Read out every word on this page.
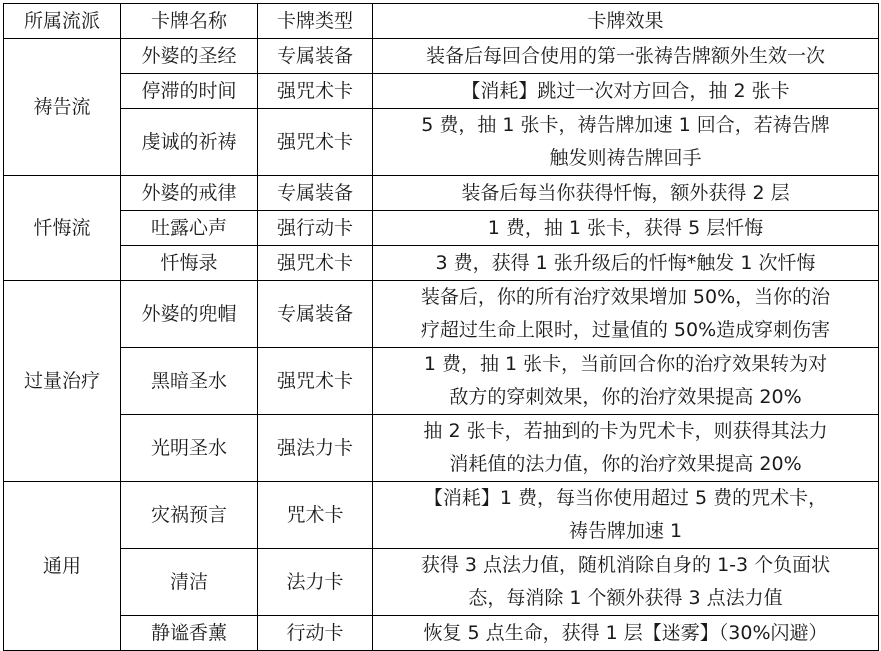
所属流派	卡牌名称	卡牌类型	卡牌效果
祷告流	外婆的圣经	专属装备	装备后每回合使用的第一张祷告牌额外生效一次

	停滞的时间	强咒术卡	【消耗】跳过一次对方回合，抽 2 张卡

	虔诚的祈祷	强咒术卡	5 费，抽 1 张卡，祷告牌加速 1 回合，若祷告牌
触发则祷告牌回手

忏悔流	外婆的戒律	专属装备	装备后每当你获得忏悔，额外获得 2 层

	吐露心声	强行动卡	1 费，抽 1 张卡，获得 5 层忏悔

	忏悔录	强咒术卡	3 费，获得 1 张升级后的忏悔*触发 1 次忏悔

过量治疗	外婆的兜帽	专属装备	装备后，你的所有治疗效果增加 50%，当你的治
疗超过生命上限时，过量值的 50%造成穿刺伤害

	黑暗圣水	强咒术卡	1 费，抽 1 张卡，当前回合你的治疗效果转为对
敌方的穿刺效果，你的治疗效果提高 20%

	光明圣水	强法力卡	抽 2 张卡，若抽到的卡为咒术卡，则获得其法力
消耗值的法力值，你的治疗效果提高 20%

通用	灾祸预言	咒术卡	【消耗】1 费，每当你使用超过 5 费的咒术卡，
祷告牌加速 1

	清洁	法力卡	获得 3 点法力值，随机消除自身的 1-3 个负面状
态，每消除 1 个额外获得 3 点法力值

	静谧香薰	行动卡	恢复 5 点生命，获得 1 层【迷雾】（30%闪避）
